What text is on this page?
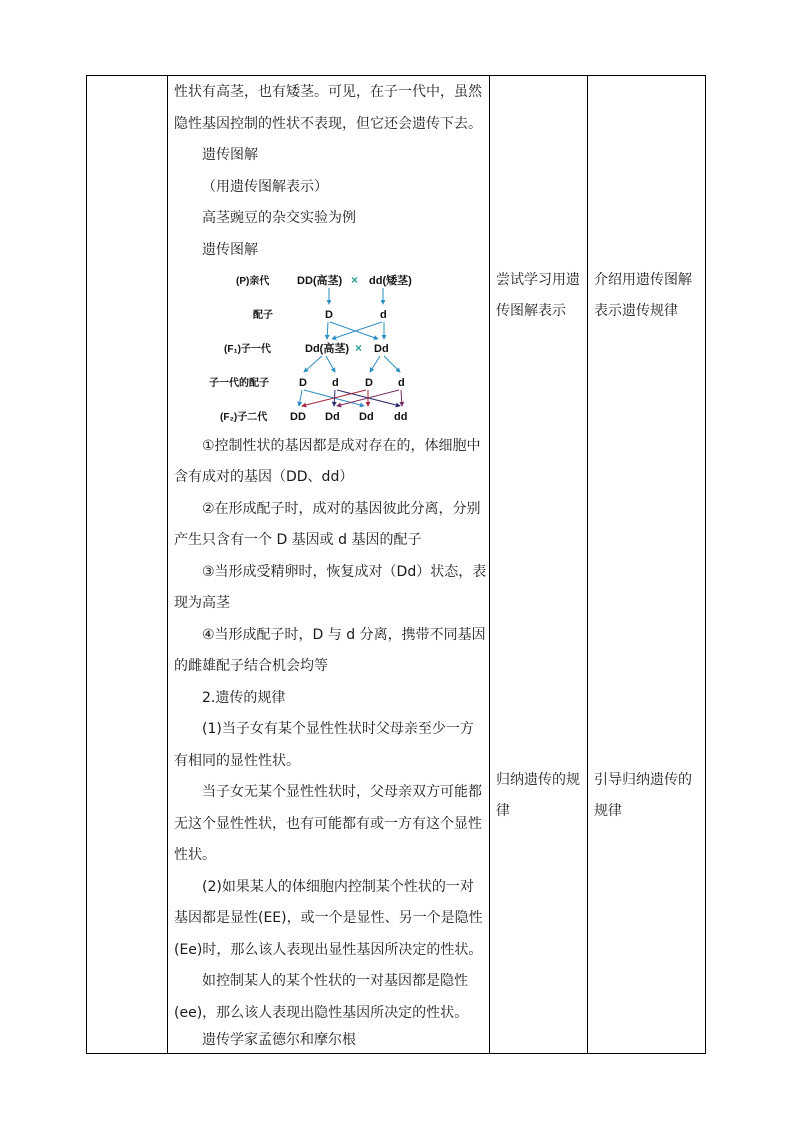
性状有高茎，也有矮茎。可见，在子一代中，虽然
隐性基因控制的性状不表现，但它还会遗传下去。
遗传图解
（用遗传图解表示）
高茎豌豆的杂交实验为例
遗传图解
(P)亲代
配子
(F₁)子一代
子一代的配子
(F₂)子二代
DD(高茎) × dd(矮茎)
D	d
Dd(高茎) × Dd
D d D d
DD Dd Dd dd
①控制性状的基因都是成对存在的，体细胞中
含有成对的基因（DD、dd）
②在形成配子时，成对的基因彼此分离，分别
产生只含有一个 D 基因或 d 基因的配子
③当形成受精卵时，恢复成对（Dd）状态，表
现为高茎
④当形成配子时，D 与 d 分离，携带不同基因
的雌雄配子结合机会均等
2.遗传的规律
(1)当子女有某个显性性状时父母亲至少一方
有相同的显性性状。
当子女无某个显性性状时，父母亲双方可能都
无这个显性性状，也有可能都有或一方有这个显性
性状。
(2)如果某人的体细胞内控制某个性状的一对
基因都是显性(EE)，或一个是显性、另一个是隐性
(Ee)时，那么该人表现出显性基因所决定的性状。
如控制某人的某个性状的一对基因都是隐性
(ee)，那么该人表现出隐性基因所决定的性状。
遗传学家孟德尔和摩尔根
尝试学习用遗
传图解表示
介绍用遗传图解
表示遗传规律
归纳遗传的规
律
引导归纳遗传的
规律
